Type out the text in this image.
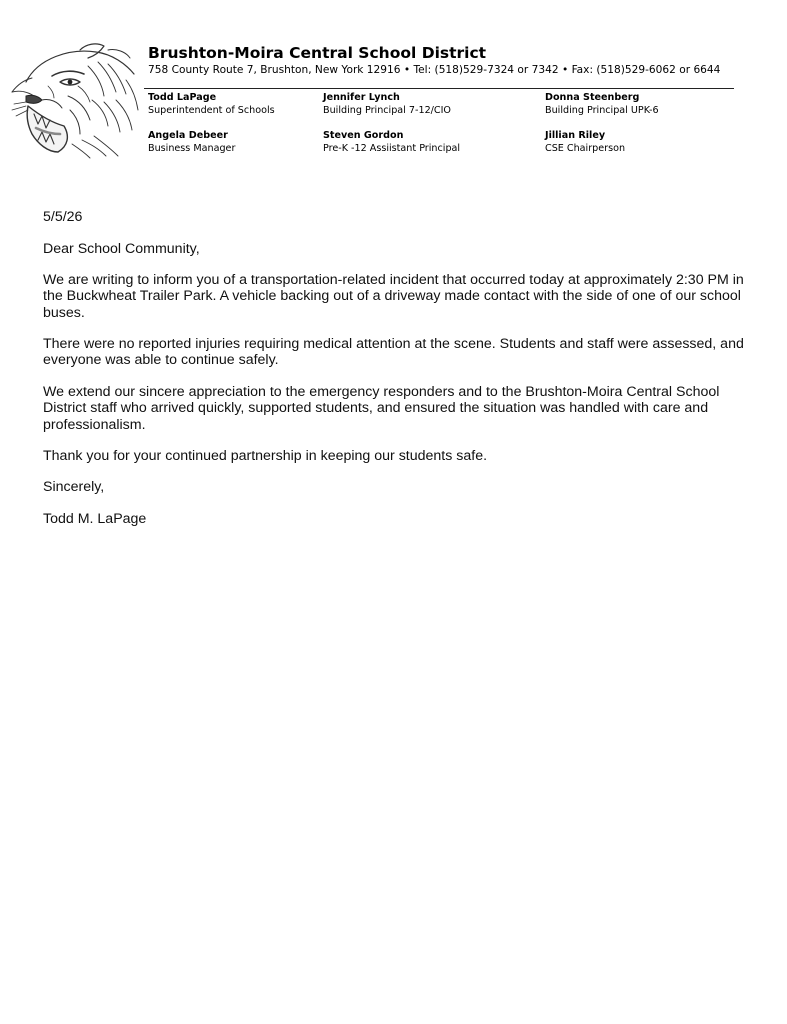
Brushton-Moira Central School District
758 County Route 7, Brushton, New York 12916 • Tel: (518)529-7324 or 7342 • Fax: (518)529-6062 or 6644
Todd LaPage
Superintendent of Schools
Jennifer Lynch
Building Principal 7-12/CIO
Donna Steenberg
Building Principal UPK-6
Angela Debeer
Business Manager
Steven Gordon
Pre-K -12 Assiistant Principal
Jillian Riley
CSE Chairperson

5/5/26

Dear School Community,

We are writing to inform you of a transportation-related incident that occurred today at approximately 2:30 PM in the Buckwheat Trailer Park. A vehicle backing out of a driveway made contact with the side of one of our school buses.

There were no reported injuries requiring medical attention at the scene. Students and staff were assessed, and everyone was able to continue safely.

We extend our sincere appreciation to the emergency responders and to the Brushton-Moira Central School District staff who arrived quickly, supported students, and ensured the situation was handled with care and professionalism.

Thank you for your continued partnership in keeping our students safe.

Sincerely,

Todd M. LaPage
